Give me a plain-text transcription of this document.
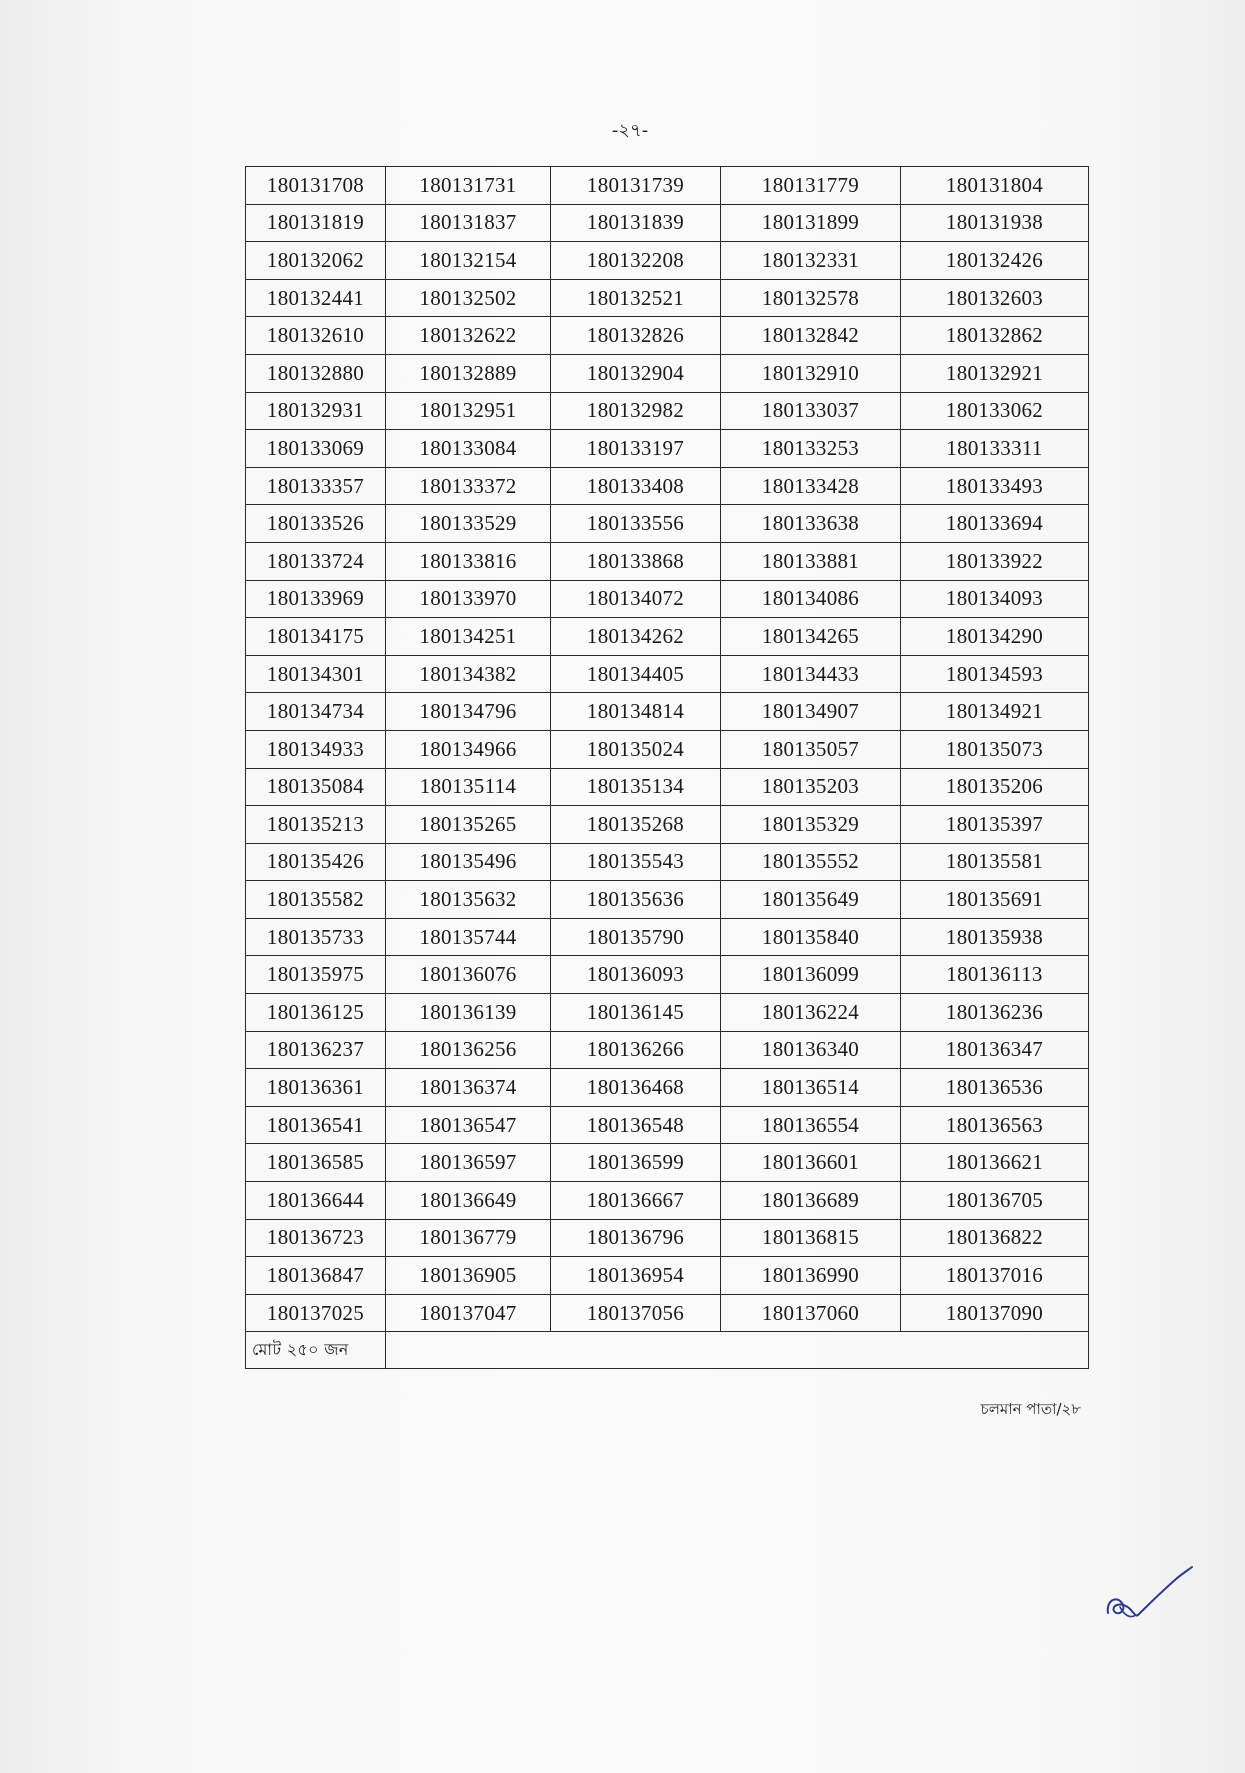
-২৭-
180131708	180131731	180131739	180131779	180131804
180131819	180131837	180131839	180131899	180131938
180132062	180132154	180132208	180132331	180132426
180132441	180132502	180132521	180132578	180132603
180132610	180132622	180132826	180132842	180132862
180132880	180132889	180132904	180132910	180132921
180132931	180132951	180132982	180133037	180133062
180133069	180133084	180133197	180133253	180133311
180133357	180133372	180133408	180133428	180133493
180133526	180133529	180133556	180133638	180133694
180133724	180133816	180133868	180133881	180133922
180133969	180133970	180134072	180134086	180134093
180134175	180134251	180134262	180134265	180134290
180134301	180134382	180134405	180134433	180134593
180134734	180134796	180134814	180134907	180134921
180134933	180134966	180135024	180135057	180135073
180135084	180135114	180135134	180135203	180135206
180135213	180135265	180135268	180135329	180135397
180135426	180135496	180135543	180135552	180135581
180135582	180135632	180135636	180135649	180135691
180135733	180135744	180135790	180135840	180135938
180135975	180136076	180136093	180136099	180136113
180136125	180136139	180136145	180136224	180136236
180136237	180136256	180136266	180136340	180136347
180136361	180136374	180136468	180136514	180136536
180136541	180136547	180136548	180136554	180136563
180136585	180136597	180136599	180136601	180136621
180136644	180136649	180136667	180136689	180136705
180136723	180136779	180136796	180136815	180136822
180136847	180136905	180136954	180136990	180137016
180137025	180137047	180137056	180137060	180137090
মোট ২৫০ জন				
চলমান পাতা/২৮
